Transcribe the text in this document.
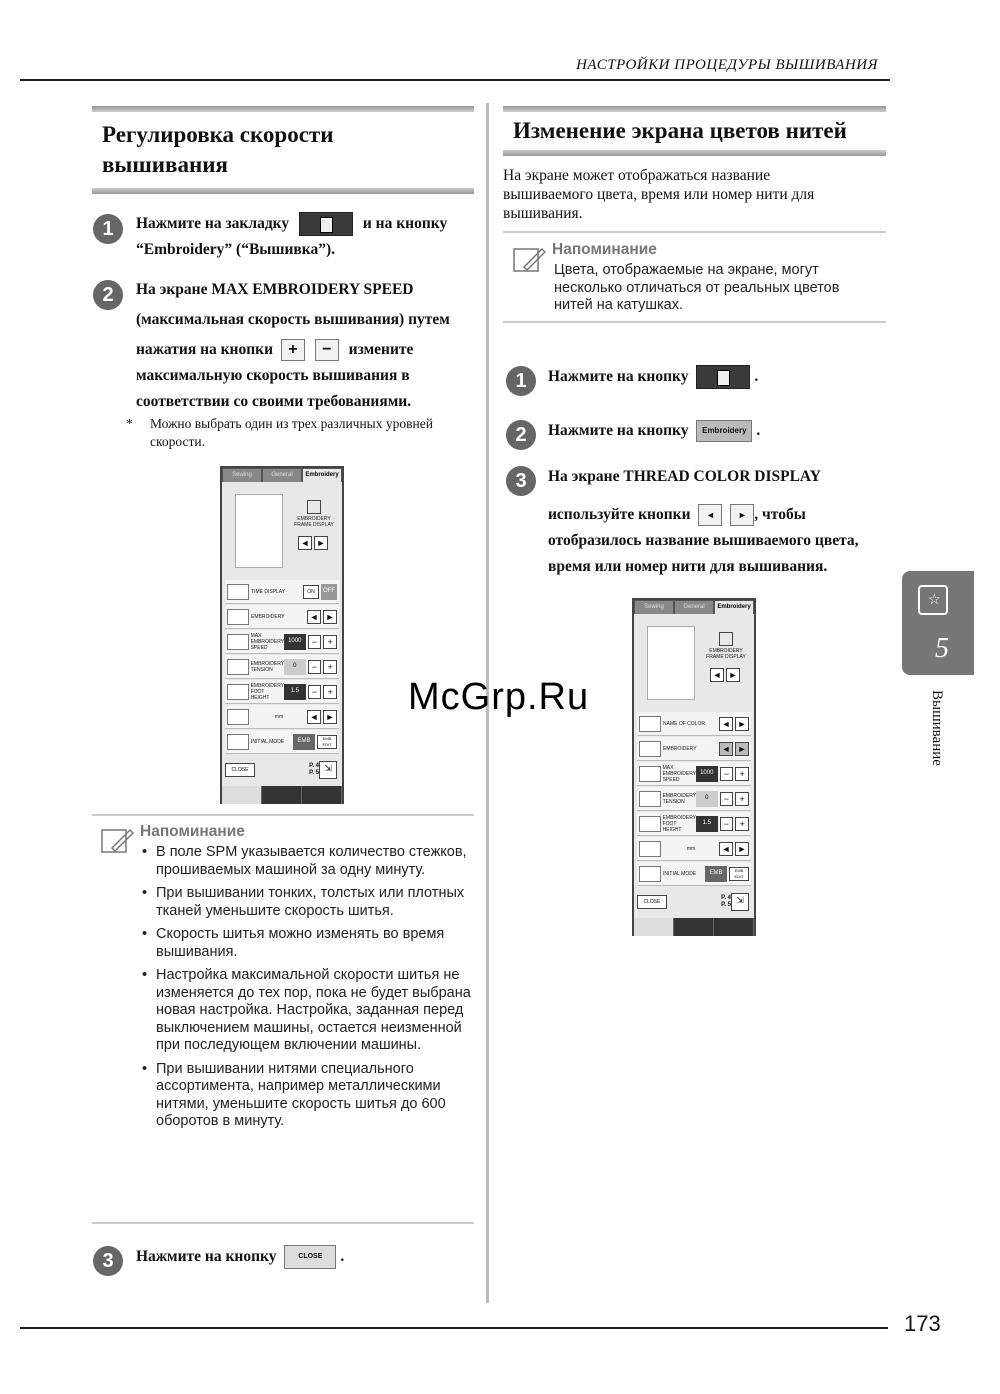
НАСТРОЙКИ ПРОЦЕДУРЫ ВЫШИВАНИЯ
Регулировка скорости
вышивания
1	Нажмите на закладку	и на кнопку
“Embroidery” (“Вышивка”).
2	На экране MAX EMBROIDERY SPEED
(максимальная скорость вышивания) путем
нажатия на кнопки + − измените
максимальную скорость вышивания в
соответствии со своими требованиями.
* Можно выбрать один из трех различных уровней
скорости.
Sewing	General	Embroidery
EMBROIDERY FRAME DISPLAY
◄ ►
TIME DISPLAY	ON	OFF
EMBROIDERY	◄ ►
MAX EMBROIDERY SPEED
1000	−	+
EMBROIDERY TENSION
0	−	+
EMBROIDERY FOOT HEIGHT
1.5	−	+
mm	◄ ►
INITIAL MODE	EMB	EMB EDIT
CLOSE
P. 4
P. 5 ⇲
Напоминание
• В поле SPM указывается количество стежков, прошиваемых машиной за одну минуту.
• При вышивании тонких, толстых или плотных тканей уменьшите скорость шитья.
• Скорость шитья можно изменять во время вышивания.
• Настройка максимальной скорости шитья не изменяется до тех пор, пока не будет выбрана новая настройка. Настройка, заданная перед выключением машины, остается неизменной при последующем включении машины.
• При вышивании нитями специального ассортимента, например металлическими нитями, уменьшите скорость шитья до 600 оборотов в минуту.
3	Нажмите на кнопку	CLOSE .
Изменение экрана цветов нитей
На экране может отображаться название
вышиваемого цвета, время или номер нити для
вышивания.
Напоминание
Цвета, отображаемые на экране, могут
несколько отличаться от реальных цветов
нитей на катушках.
1	Нажмите на кнопку	.
2	Нажмите на кнопку Embroidery .
3	На экране THREAD COLOR DISPLAY
используйте кнопки ◄	► , чтобы
отобразилось название вышиваемого цвета,
время или номер нити для вышивания.
Sewing	General	Embroidery
EMBROIDERY FRAME DISPLAY
◄ ►
NAME OF COLOR	◄ ►
EMBROIDERY	◄ ►
MAX EMBROIDERY SPEED
1000	−	+
EMBROIDERY TENSION
0	−	+
EMBROIDERY FOOT HEIGHT
1.5	−	+
mm	◄ ►
INITIAL MODE	EMB	EMB EDIT
CLOSE
P. 4
P. 5 ⇲
McGrp.Ru
☆
5
Вышивание
173
